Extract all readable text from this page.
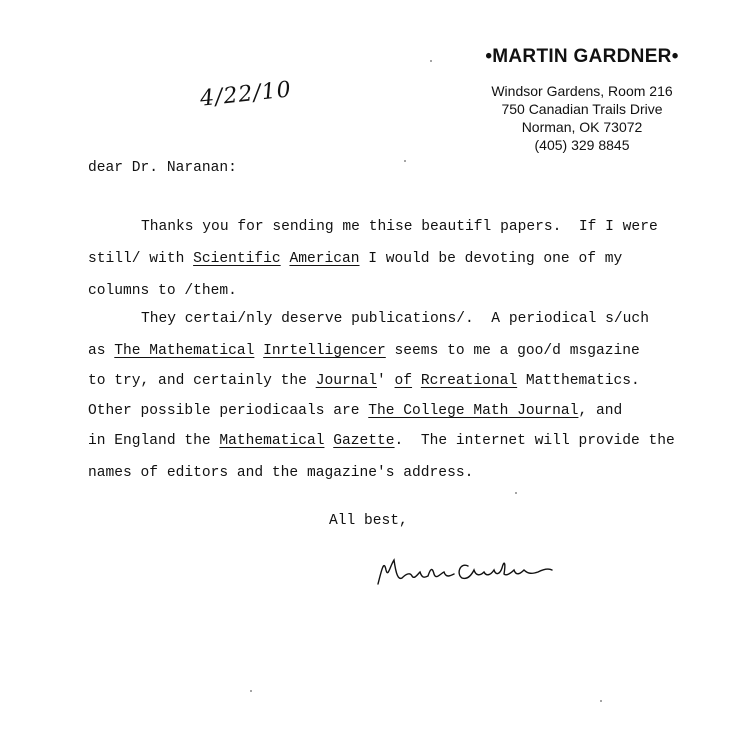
•MARTIN GARDNER•
Windsor Gardens, Room 216
750 Canadian Trails Drive
Norman, OK 73072
(405) 329 8845
4/22/10
dear Dr. Naranan:
Thanks you for sending me thise beautifl papers.  If I were
still/ with Scientific American I would be devoting one of my
columns to /them.
They certai/nly deserve publications/.  A periodical s/uch
as The Mathematical Inrtelligencer seems to me a goo/d msgazine
to try, and certainly the Journal' of Rcreational Matthematics.
Other possible periodicaals are The College Math Journal, and
in England the Mathematical Gazette.  The internet will provide the
names of editors and the magazine's address.
All best,
